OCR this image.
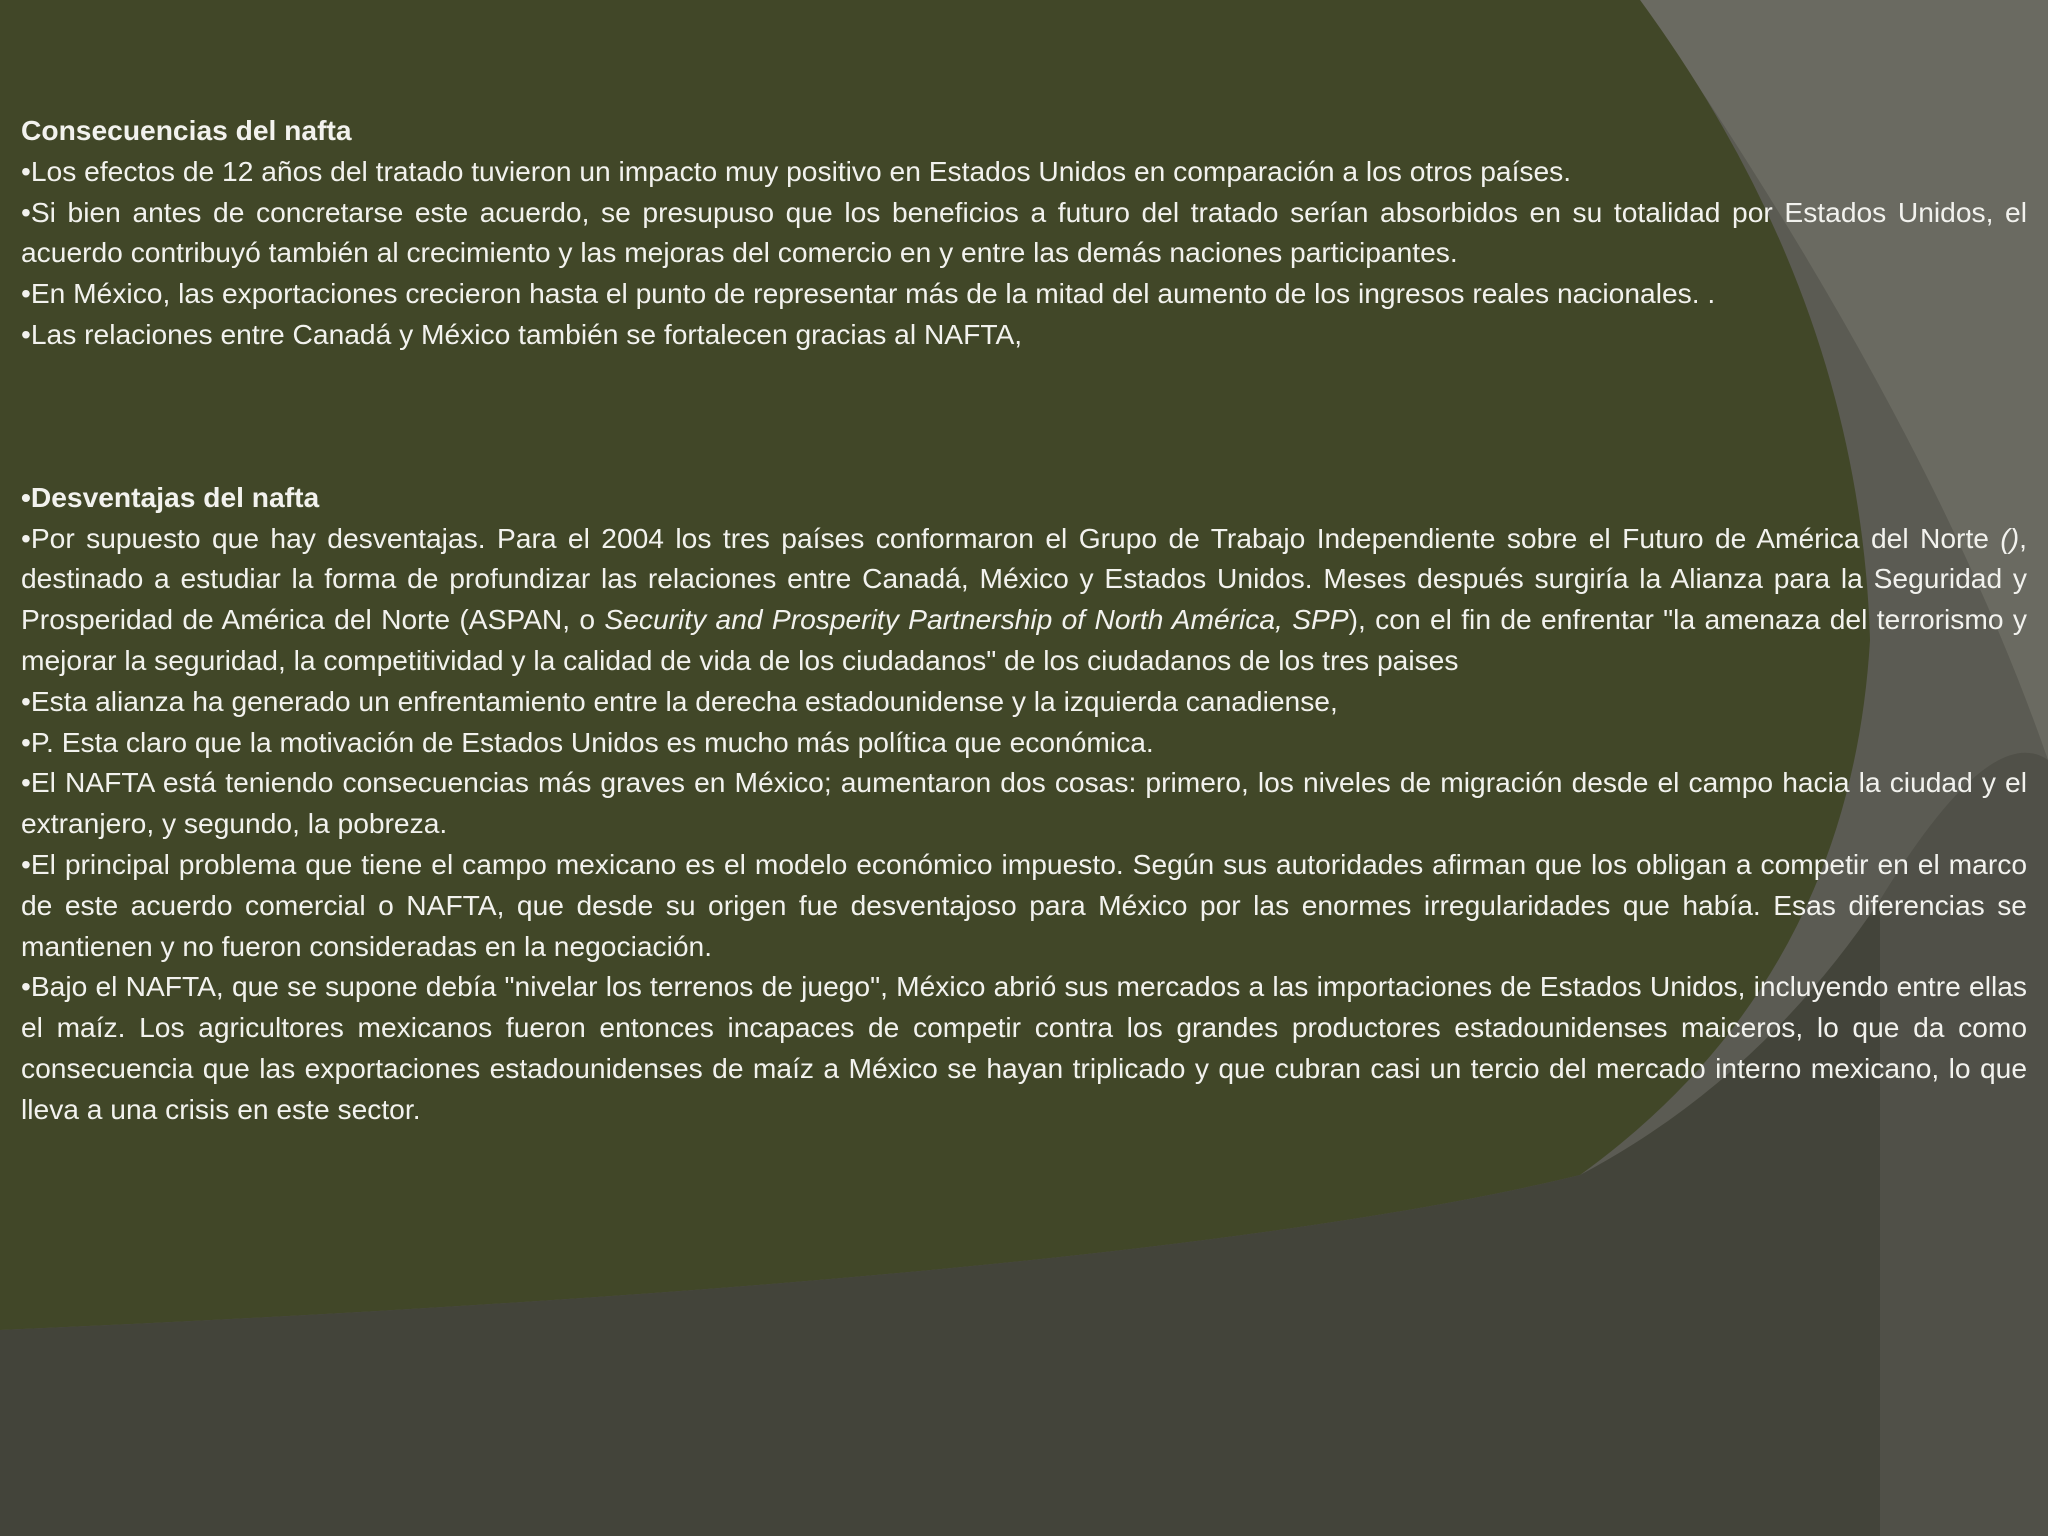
Consecuencias del nafta

•Los efectos de 12 años del tratado tuvieron un impacto muy positivo en Estados Unidos en comparación a los otros países.

•Si bien antes de concretarse este acuerdo, se presupuso que los beneficios a futuro del tratado serían absorbidos en su totalidad por Estados Unidos, el acuerdo contribuyó también al crecimiento y las mejoras del comercio en y entre las demás naciones participantes.

•En México, las exportaciones crecieron hasta el punto de representar más de la mitad del aumento de los ingresos reales nacionales. .

•Las relaciones entre Canadá y México también se fortalecen gracias al NAFTA,

•Desventajas del nafta

•Por supuesto que hay desventajas. Para el 2004 los tres países conformaron el Grupo de Trabajo Independiente sobre el Futuro de América del Norte (), destinado a estudiar la forma de profundizar las relaciones entre Canadá, México y Estados Unidos. Meses después surgiría la Alianza para la Seguridad y Prosperidad de América del Norte (ASPAN, o Security and Prosperity Partnership of North América, SPP), con el fin de enfrentar "la amenaza del terrorismo y mejorar la seguridad, la competitividad y la calidad de vida de los ciudadanos" de los ciudadanos de los tres paises

•Esta alianza ha generado un enfrentamiento entre la derecha estadounidense y la izquierda canadiense,

•P. Esta claro que la motivación de Estados Unidos es mucho más política que económica.

•El NAFTA está teniendo consecuencias más graves en México; aumentaron dos cosas: primero, los niveles de migración desde el campo hacia la ciudad y el extranjero, y segundo, la pobreza.

•El principal problema que tiene el campo mexicano es el modelo económico impuesto. Según sus autoridades afirman que los obligan a competir en el marco de este acuerdo comercial o NAFTA, que desde su origen fue desventajoso para México por las enormes irregularidades que había. Esas diferencias se mantienen y no fueron consideradas en la negociación.

•Bajo el NAFTA, que se supone debía "nivelar los terrenos de juego", México abrió sus mercados a las importaciones de Estados Unidos, incluyendo entre ellas el maíz. Los agricultores mexicanos fueron entonces incapaces de competir contra los grandes productores estadounidenses maiceros, lo que da como consecuencia que las exportaciones estadounidenses de maíz a México se hayan triplicado y que cubran casi un tercio del mercado interno mexicano, lo que lleva a una crisis en este sector.
